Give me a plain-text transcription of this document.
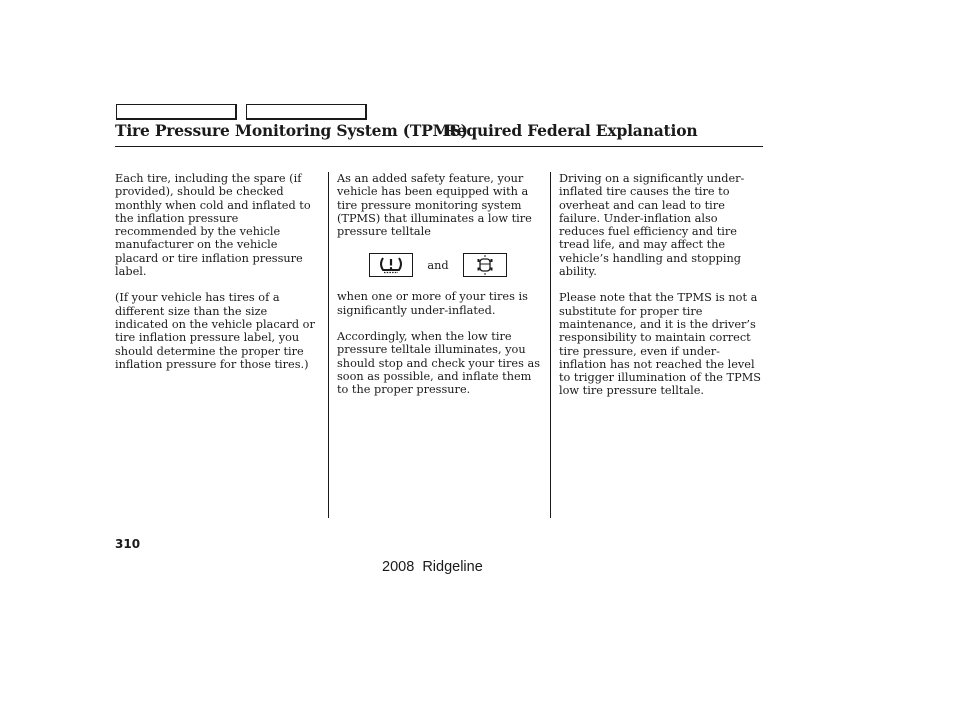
Tire Pressure Monitoring System (TPMS)
Required Federal Explanation

Each tire, including the spare (if provided), should be checked monthly when cold and inflated to the inflation pressure recommended by the vehicle manufacturer on the vehicle placard or tire inflation pressure label.

(If your vehicle has tires of a different size than the size indicated on the vehicle placard or tire inflation pressure label, you should determine the proper tire inflation pressure for those tires.)

As an added safety feature, your vehicle has been equipped with a tire pressure monitoring system (TPMS) that illuminates a low tire pressure telltale

and

when one or more of your tires is significantly under-inflated.

Accordingly, when the low tire pressure telltale illuminates, you should stop and check your tires as soon as possible, and inflate them to the proper pressure.

Driving on a significantly under-inflated tire causes the tire to overheat and can lead to tire failure. Under-inflation also reduces fuel efficiency and tire tread life, and may affect the vehicle’s handling and stopping ability.

Please note that the TPMS is not a substitute for proper tire maintenance, and it is the driver’s responsibility to maintain correct tire pressure, even if under-inflation has not reached the level to trigger illumination of the TPMS low tire pressure telltale.

310
2008  Ridgeline
